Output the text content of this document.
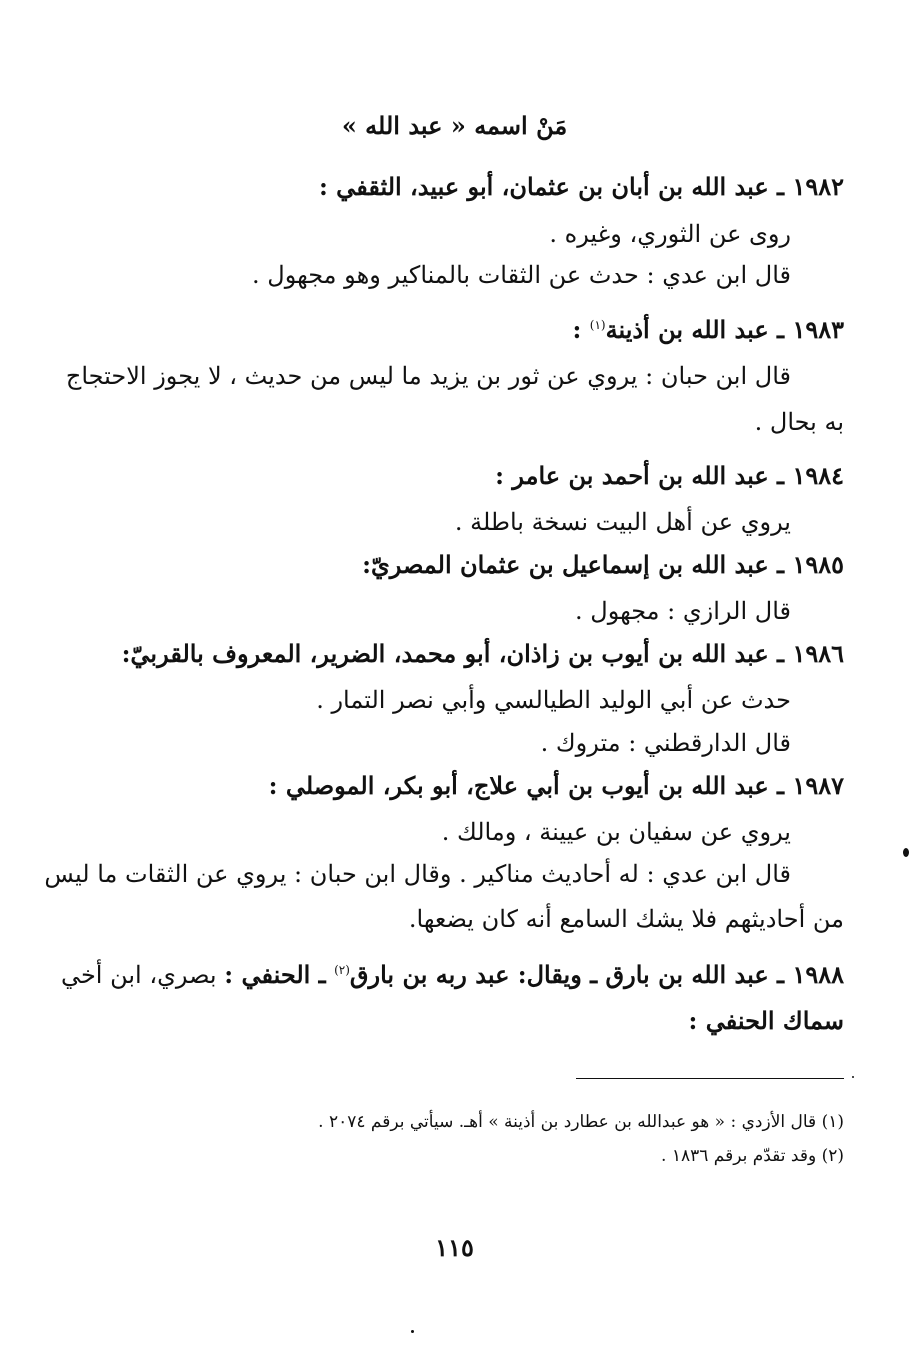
مَنْ اسمه « عبد الله »
١٩٨٢ ـ عبد الله بن أبان بن عثمان، أبو عبيد، الثقفي :
روى عن الثوري، وغيره .
قال ابن عدي : حدث عن الثقات بالمناكير وهو مجهول .
١٩٨٣ ـ عبد الله بن أذينة$^{(١)}$ :
قال ابن حبان : يروي عن ثور بن يزيد ما ليس من حديث ، لا يجوز الاحتجاج
به بحال .
١٩٨٤ ـ عبد الله بن أحمد بن عامر :
يروي عن أهل البيت نسخة باطلة .
١٩٨٥ ـ عبد الله بن إسماعيل بن عثمان المصريّ:
قال الرازي : مجهول .
١٩٨٦ ـ عبد الله بن أيوب بن زاذان، أبو محمد، الضرير، المعروف بالقربيّ:
حدث عن أبي الوليد الطيالسي وأبي نصر التمار .
قال الدارقطني : متروك .
١٩٨٧ ـ عبد الله بن أيوب بن أبي علاج، أبو بكر، الموصلي :
يروي عن سفيان بن عيينة ، ومالك .
قال ابن عدي : له أحاديث مناكير . وقال ابن حبان : يروي عن الثقات ما ليس
من أحاديثهم فلا يشك السامع أنه كان يضعها.
١٩٨٨ ـ عبد الله بن بارق ـ ويقال: عبد ربه بن بارق$^{(٢)}$ ـ الحنفي : بصري، ابن أخي
سماك الحنفي :
(١) قال الأزدي : « هو عبدالله بن عطارد بن أذينة » أهـ. سيأتي برقم ٢٠٧٤ .
(٢) وقد تقدّم برقم ١٨٣٦ .
١١٥
